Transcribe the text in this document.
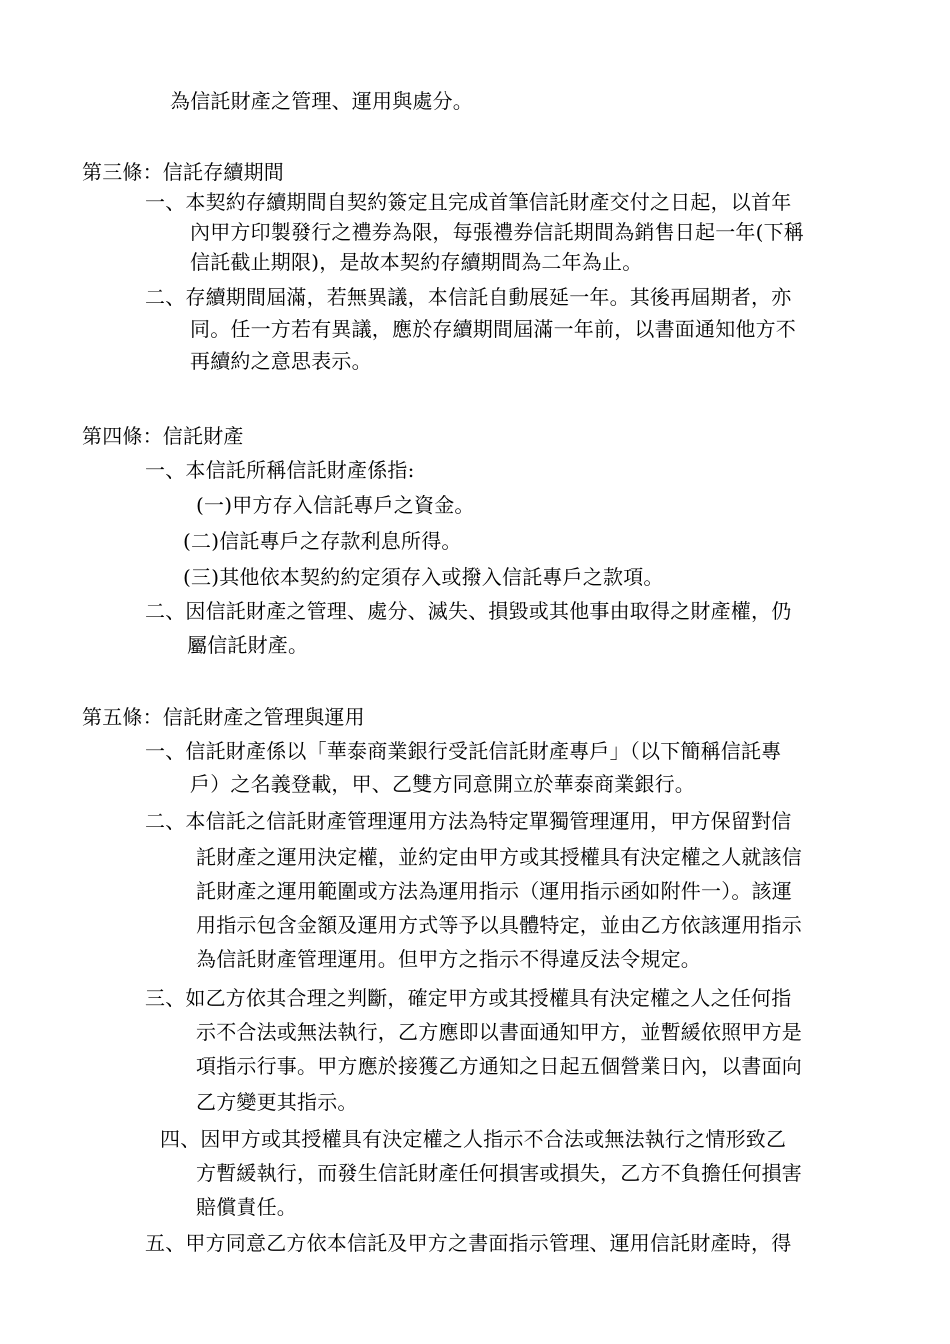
為信託財產之管理、運用與處分。
第三條：信託存續期間
一、本契約存續期間自契約簽定且完成首筆信託財產交付之日起，以首年
內甲方印製發行之禮券為限，每張禮券信託期間為銷售日起一年(下稱
信託截止期限)，是故本契約存續期間為二年為止。
二、存續期間屆滿，若無異議，本信託自動展延一年。其後再屆期者，亦
同。任一方若有異議，應於存續期間屆滿一年前，以書面通知他方不
再續約之意思表示。
第四條：信託財產
一、本信託所稱信託財產係指:
(一)甲方存入信託專戶之資金。
(二)信託專戶之存款利息所得。
(三)其他依本契約約定須存入或撥入信託專戶之款項。
二、因信託財產之管理、處分、滅失、損毀或其他事由取得之財產權，仍
屬信託財產。
第五條：信託財產之管理與運用
一、信託財產係以「華泰商業銀行受託信託財產專戶」（以下簡稱信託專
戶）之名義登載，甲、乙雙方同意開立於華泰商業銀行。
二、本信託之信託財產管理運用方法為特定單獨管理運用，甲方保留對信
託財產之運用決定權，並約定由甲方或其授權具有決定權之人就該信
託財產之運用範圍或方法為運用指示（運用指示函如附件一）。該運
用指示包含金額及運用方式等予以具體特定，並由乙方依該運用指示
為信託財產管理運用。但甲方之指示不得違反法令規定。
三、如乙方依其合理之判斷，確定甲方或其授權具有決定權之人之任何指
示不合法或無法執行，乙方應即以書面通知甲方，並暫緩依照甲方是
項指示行事。甲方應於接獲乙方通知之日起五個營業日內，以書面向
乙方變更其指示。
四、因甲方或其授權具有決定權之人指示不合法或無法執行之情形致乙
方暫緩執行，而發生信託財產任何損害或損失，乙方不負擔任何損害
賠償責任。
五、甲方同意乙方依本信託及甲方之書面指示管理、運用信託財產時，得
